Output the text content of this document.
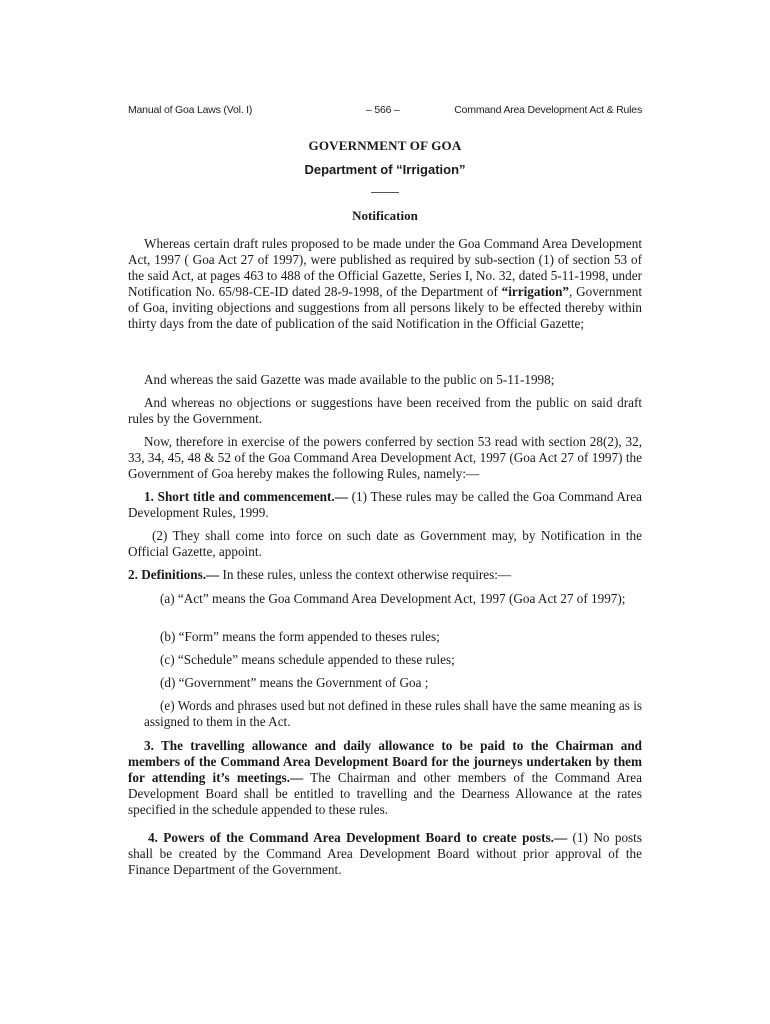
Manual of Goa Laws (Vol. I)	– 566 –	Command Area Development Act & Rules

GOVERNMENT OF GOA

Department of “Irrigation”

Notification

Whereas certain draft rules proposed to be made under the Goa Command Area Development Act, 1997 ( Goa Act 27 of 1997), were published as required by sub-section (1) of section 53 of the said Act, at pages 463 to 488 of the Official Gazette, Series I, No. 32, dated 5-11-1998, under Notification No. 65/98-CE-ID dated 28-9-1998, of the Department of “irrigation”, Government of Goa, inviting objections and suggestions from all persons likely to be effected thereby within thirty days from the date of publication of the said Notification in the Official Gazette;

And whereas the said Gazette was made available to the public on 5-11-1998;

And whereas no objections or suggestions have been received from the public on said draft rules by the Government.

Now, therefore in exercise of the powers conferred by section 53 read with section 28(2), 32, 33, 34, 45, 48 & 52 of the Goa Command Area Development Act, 1997 (Goa Act 27 of 1997) the Government of Goa hereby makes the following Rules, namely:—

1. Short title and commencement.— (1) These rules may be called the Goa Command Area Development Rules, 1999.

(2) They shall come into force on such date as Government may, by Notification in the Official Gazette, appoint.

2. Definitions.— In these rules, unless the context otherwise requires:—

(a) “Act” means the Goa Command Area Development Act, 1997 (Goa Act 27 of 1997);

(b) “Form” means the form appended to theses rules;

(c) “Schedule” means schedule appended to these rules;

(d) “Government” means the Government of Goa ;

(e) Words and phrases used but not defined in these rules shall have the same meaning as is assigned to them in the Act.

3. The travelling allowance and daily allowance to be paid to the Chairman and members of the Command Area Development Board for the journeys undertaken by them for attending it’s meetings.— The Chairman and other members of the Command Area Development Board shall be entitled to travelling and the Dearness Allowance at the rates specified in the schedule appended to these rules.

4. Powers of the Command Area Development Board to create posts.— (1) No posts shall be created by the Command Area Development Board without prior approval of the Finance Department of the Government.
